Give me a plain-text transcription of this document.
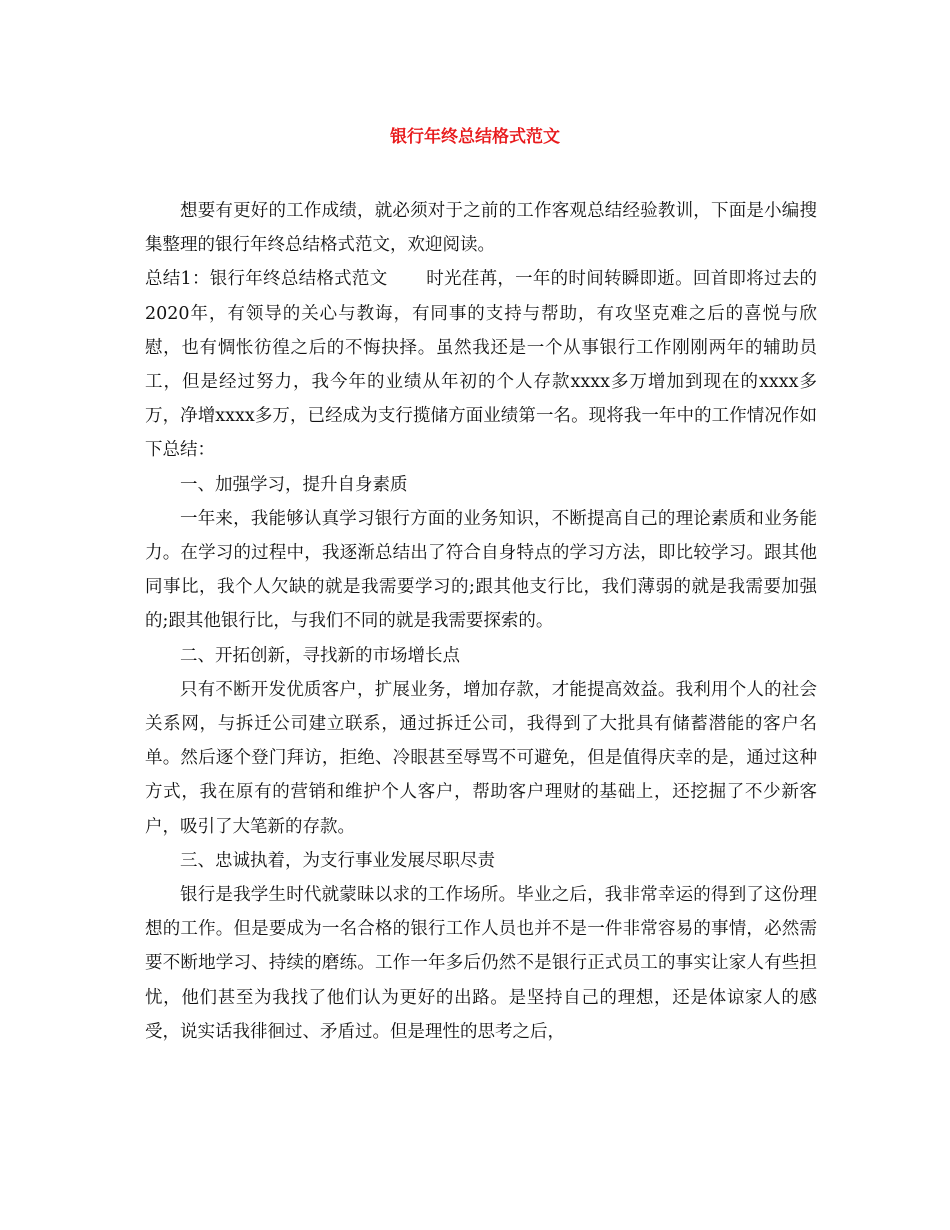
银行年终总结格式范文

想要有更好的工作成绩，就必须对于之前的工作客观总结经验教训，下面是小编搜集整理的银行年终总结格式范文，欢迎阅读。

总结1：银行年终总结格式范文 时光荏苒，一年的时间转瞬即逝。回首即将过去的2020年，有领导的关心与教诲，有同事的支持与帮助，有攻坚克难之后的喜悦与欣慰，也有惆怅彷徨之后的不悔抉择。虽然我还是一个从事银行工作刚刚两年的辅助员工，但是经过努力，我今年的业绩从年初的个人存款xxxx多万增加到现在的xxxx多万，净增xxxx多万，已经成为支行揽储方面业绩第一名。现将我一年中的工作情况作如下总结：

一、加强学习，提升自身素质

一年来，我能够认真学习银行方面的业务知识，不断提高自己的理论素质和业务能力。在学习的过程中，我逐渐总结出了符合自身特点的学习方法，即比较学习。跟其他同事比，我个人欠缺的就是我需要学习的;跟其他支行比，我们薄弱的就是我需要加强的;跟其他银行比，与我们不同的就是我需要探索的。

二、开拓创新，寻找新的市场增长点

只有不断开发优质客户，扩展业务，增加存款，才能提高效益。我利用个人的社会关系网，与拆迁公司建立联系，通过拆迁公司，我得到了大批具有储蓄潜能的客户名单。然后逐个登门拜访，拒绝、冷眼甚至辱骂不可避免，但是值得庆幸的是，通过这种方式，我在原有的营销和维护个人客户，帮助客户理财的基础上，还挖掘了不少新客户，吸引了大笔新的存款。

三、忠诚执着，为支行事业发展尽职尽责

银行是我学生时代就蒙昧以求的工作场所。毕业之后，我非常幸运的得到了这份理想的工作。但是要成为一名合格的银行工作人员也并不是一件非常容易的事情，必然需要不断地学习、持续的磨练。工作一年多后仍然不是银行正式员工的事实让家人有些担忧，他们甚至为我找了他们认为更好的出路。是坚持自己的理想，还是体谅家人的感受，说实话我徘徊过、矛盾过。但是理性的思考之后，
